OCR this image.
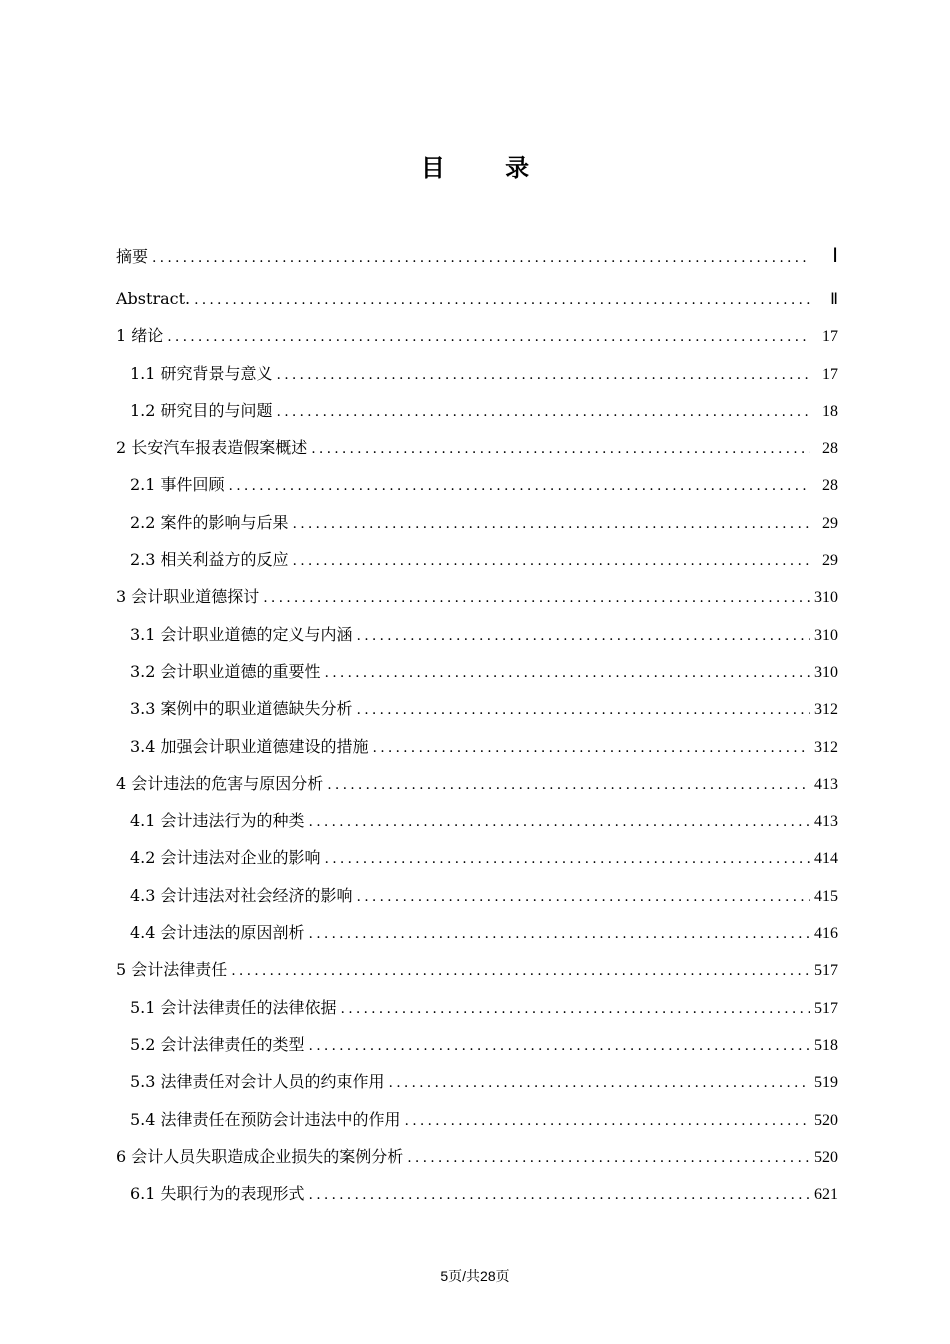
目 录
摘要 .....	Ⅰ
Abstract. .....	Ⅱ
1 绪论 .....	17
1.1 研究背景与意义 .....	17
1.2 研究目的与问题 .....	18
2 长安汽车报表造假案概述 .....	28
2.1 事件回顾 .....	28
2.2 案件的影响与后果 .....	29
2.3 相关利益方的反应 .....	29
3 会计职业道德探讨 .....	310
3.1 会计职业道德的定义与内涵 .....	310
3.2 会计职业道德的重要性 .....	310
3.3 案例中的职业道德缺失分析 .....	312
3.4 加强会计职业道德建设的措施 .....	312
4 会计违法的危害与原因分析 .....	413
4.1 会计违法行为的种类 .....	413
4.2 会计违法对企业的影响 .....	414
4.3 会计违法对社会经济的影响 .....	415
4.4 会计违法的原因剖析 .....	416
5 会计法律责任 .....	517
5.1 会计法律责任的法律依据 .....	517
5.2 会计法律责任的类型 .....	518
5.3 法律责任对会计人员的约束作用 .....	519
5.4 法律责任在预防会计违法中的作用 .....	520
6 会计人员失职造成企业损失的案例分析 .....	520
6.1 失职行为的表现形式 .....	621
5页/共28页
